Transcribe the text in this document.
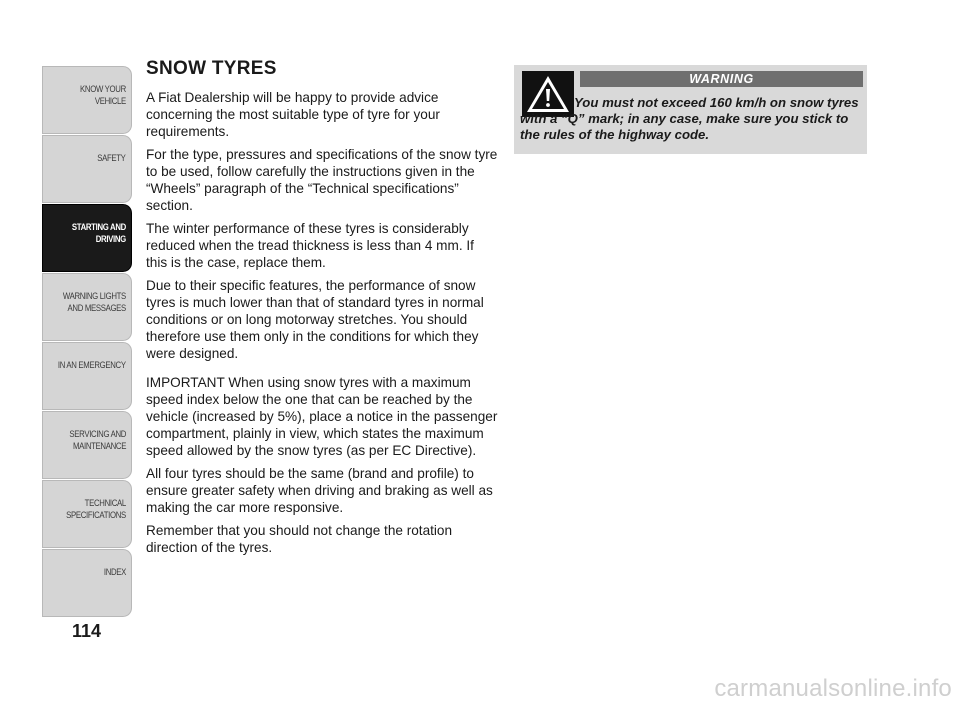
KNOW YOUR
VEHICLE
SAFETY
STARTING AND
DRIVING
WARNING LIGHTS
AND MESSAGES
IN AN EMERGENCY
SERVICING AND
MAINTENANCE
TECHNICAL
SPECIFICATIONS
INDEX
114
SNOW TYRES

A Fiat Dealership will be happy to provide advice concerning the most suitable type of tyre for your requirements.

For the type, pressures and specifications of the snow tyre to be used, follow carefully the instructions given in the “Wheels” paragraph of the “Technical specifications” section.

The winter performance of these tyres is considerably reduced when the tread thickness is less than 4 mm. If this is the case, replace them.

Due to their specific features, the performance of snow tyres is much lower than that of standard tyres in normal conditions or on long motorway stretches. You should therefore use them only in the conditions for which they were designed.

IMPORTANT When using snow tyres with a maximum speed index below the one that can be reached by the vehicle (increased by 5%), place a notice in the passenger compartment, plainly in view, which states the maximum speed allowed by the snow tyres (as per EC Directive).

All four tyres should be the same (brand and profile) to ensure greater safety when driving and braking as well as making the car more responsive.

Remember that you should not change the rotation direction of the tyres.

WARNING
You must not exceed 160 km/h on snow tyres with a “Q” mark; in any case, make sure you stick to the rules of the highway code.
carmanualsonline.info
